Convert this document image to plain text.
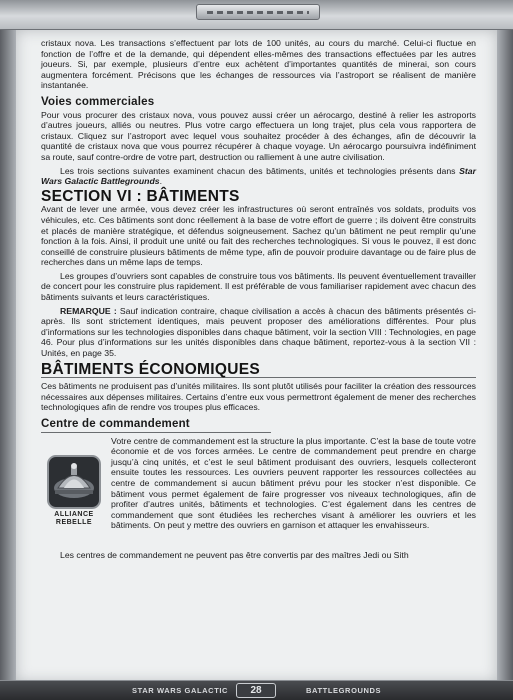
cristaux nova. Les transactions s’effectuent par lots de 100 unités, au cours du marché. Celui-ci fluctue en fonction de l’offre et de la demande, qui dépendent elles-mêmes des transactions effectuées par les autres joueurs. Si, par exemple, plusieurs d’entre eux achètent d’importantes quantités de minerai, son cours augmentera forcément. Précisons que les échanges de ressources via l’astroport se réalisent de manière instantanée.

Voies commerciales

Pour vous procurer des cristaux nova, vous pouvez aussi créer un aérocargo, destiné à relier les astroports d’autres joueurs, alliés ou neutres. Plus votre cargo effectuera un long trajet, plus cela vous rapportera de cristaux. Cliquez sur l’astroport avec lequel vous souhaitez procéder à des échanges, afin de découvrir la quantité de cristaux nova que vous pourrez récupérer à chaque voyage. Un aérocargo poursuivra indéfiniment sa route, sauf contre-ordre de votre part, destruction ou ralliement à une autre civilisation.

Les trois sections suivantes examinent chacun des bâtiments, unités et technologies présents dans Star Wars Galactic Battlegrounds.

SECTION VI : BÂTIMENTS

Avant de lever une armée, vous devez créer les infrastructures où seront entraînés vos soldats, produits vos véhicules, etc. Ces bâtiments sont donc réellement à la base de votre effort de guerre ; ils doivent être construits et placés de manière stratégique, et défendus soigneusement. Sachez qu’un bâtiment ne peut remplir qu’une fonction à la fois. Ainsi, il produit une unité ou fait des recherches technologiques. Si vous le pouvez, il est donc conseillé de construire plusieurs bâtiments de même type, afin de pouvoir produire davantage ou de faire plus de recherches dans un même laps de temps.

Les groupes d’ouvriers sont capables de construire tous vos bâtiments. Ils peuvent éventuellement travailler de concert pour les construire plus rapidement. Il est préférable de vous familiariser rapidement avec chacun des bâtiments suivants et leurs caractéristiques.

REMARQUE : Sauf indication contraire, chaque civilisation a accès à chacun des bâtiments présentés ci-après. Ils sont strictement identiques, mais peuvent proposer des améliorations différentes. Pour plus d’informations sur les technologies disponibles dans chaque bâtiment, voir la section VIII : Technologies, en page 46. Pour plus d’informations sur les unités disponibles dans chaque bâtiment, reportez-vous à la section VII : Unités, en page 35.

BÂTIMENTS ÉCONOMIQUES

Ces bâtiments ne produisent pas d’unités militaires. Ils sont plutôt utilisés pour faciliter la création des ressources nécessaires aux dépenses militaires. Certains d’entre eux vous permettront également de mener des recherches technologiques afin de rendre vos troupes plus efficaces.

Centre de commandement

Votre centre de commandement est la structure la plus importante. C’est la base de toute votre économie et de vos forces armées. Le centre de commandement peut prendre en charge jusqu’à cinq unités, et c’est le seul bâtiment produisant des ouvriers, lesquels collecteront ensuite toutes les ressources. Les ouvriers peuvent rapporter les ressources collectées au centre de commandement si aucun bâtiment prévu pour les stocker n’est disponible. Ce bâtiment vous permet également de faire progresser vos niveaux technologiques, afin de profiter d’autres unités, bâtiments et technologies. C’est également dans les centres de commandement que sont étudiées les recherches visant à améliorer les ouvriers et les bâtiments. On peut y mettre des ouvriers en garnison et attaquer les envahisseurs.

ALLIANCE
REBELLE

Les centres de commandement ne peuvent pas être convertis par des maîtres Jedi ou Sith

STAR WARS GALACTIC	28	BATTLEGROUNDS
